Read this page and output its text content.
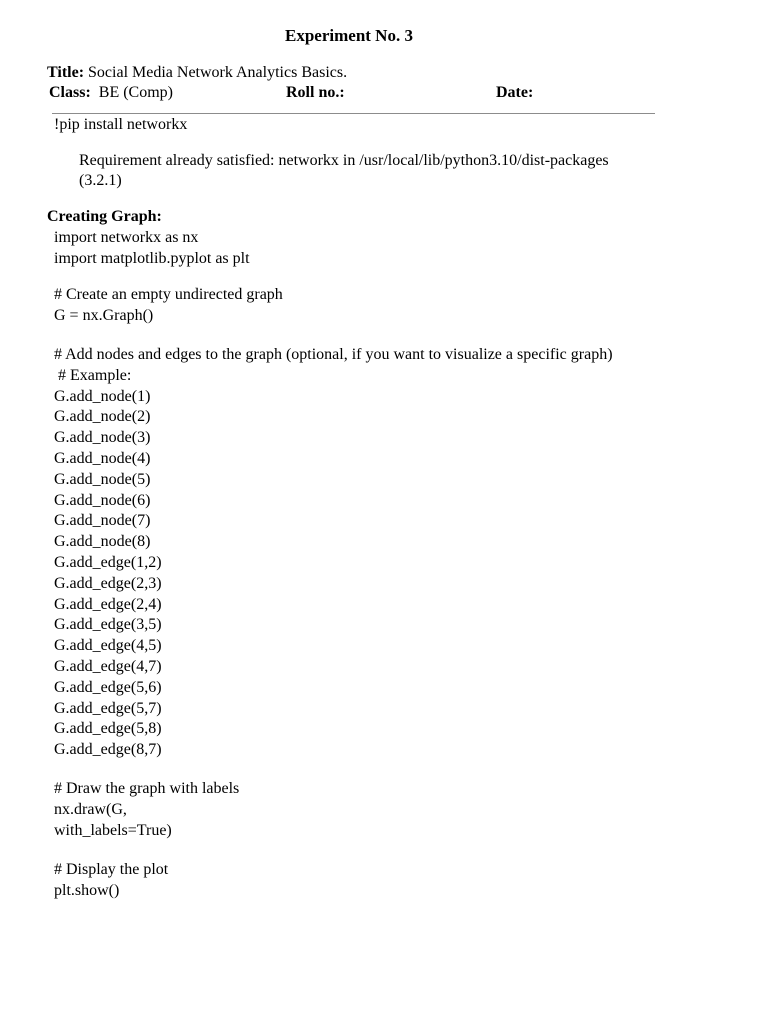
Experiment No. 3
Title: Social Media Network Analytics Basics.
Class: BE (Comp)	Roll no.:	Date:
!pip install networkx
Requirement already satisfied: networkx in /usr/local/lib/python3.10/dist-packages
(3.2.1)
Creating Graph:
import networkx as nx
import matplotlib.pyplot as plt
# Create an empty undirected graph
G = nx.Graph()
# Add nodes and edges to the graph (optional, if you want to visualize a specific graph)
# Example:
G.add_node(1)
G.add_node(2)
G.add_node(3)
G.add_node(4)
G.add_node(5)
G.add_node(6)
G.add_node(7)
G.add_node(8)
G.add_edge(1,2)
G.add_edge(2,3)
G.add_edge(2,4)
G.add_edge(3,5)
G.add_edge(4,5)
G.add_edge(4,7)
G.add_edge(5,6)
G.add_edge(5,7)
G.add_edge(5,8)
G.add_edge(8,7)
# Draw the graph with labels
nx.draw(G,
with_labels=True)
# Display the plot
plt.show()
